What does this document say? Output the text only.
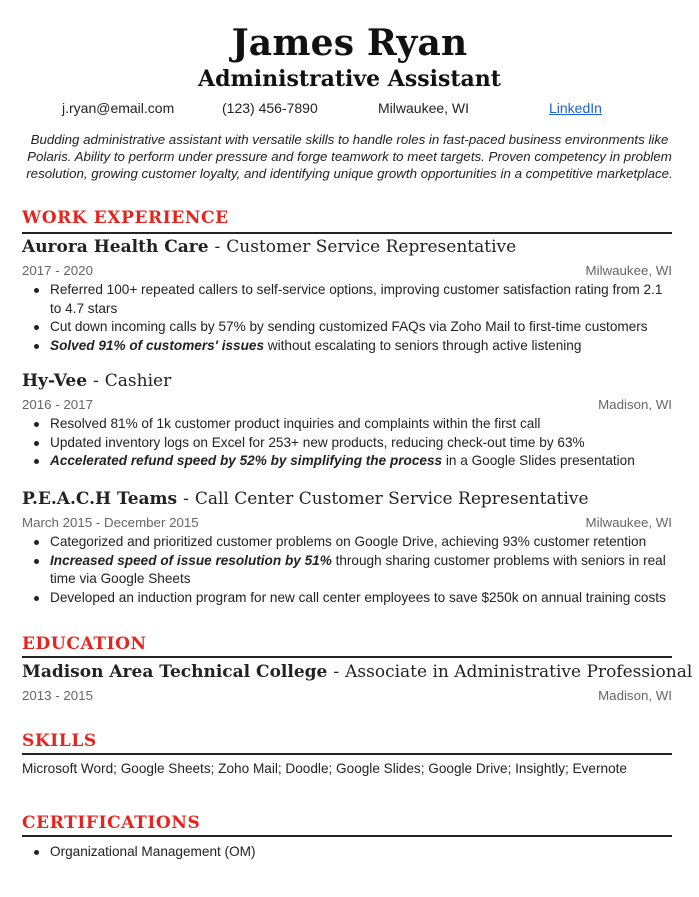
James Ryan
Administrative Assistant
j.ryan@email.com	(123) 456-7890	Milwaukee, WI	LinkedIn
Budding administrative assistant with versatile skills to handle roles in fast-paced business environments like Polaris. Ability to perform under pressure and forge teamwork to meet targets. Proven competency in problem resolution, growing customer loyalty, and identifying unique growth opportunities in a competitive marketplace.
WORK EXPERIENCE
Aurora Health Care - Customer Service Representative
2017 - 2020	Milwaukee, WI
Referred 100+ repeated callers to self-service options, improving customer satisfaction rating from 2.1 to 4.7 stars
Cut down incoming calls by 57% by sending customized FAQs via Zoho Mail to first-time customers
Solved 91% of customers' issues without escalating to seniors through active listening
Hy-Vee - Cashier
2016 - 2017	Madison, WI
Resolved 81% of 1k customer product inquiries and complaints within the first call
Updated inventory logs on Excel for 253+ new products, reducing check-out time by 63%
Accelerated refund speed by 52% by simplifying the process in a Google Slides presentation
P.E.A.C.H Teams - Call Center Customer Service Representative
March 2015 - December 2015	Milwaukee, WI
Categorized and prioritized customer problems on Google Drive, achieving 93% customer retention
Increased speed of issue resolution by 51% through sharing customer problems with seniors in real time via Google Sheets
Developed an induction program for new call center employees to save $250k on annual training costs
EDUCATION
Madison Area Technical College - Associate in Administrative Professional
2013 - 2015	Madison, WI
SKILLS
Microsoft Word; Google Sheets; Zoho Mail; Doodle; Google Slides; Google Drive; Insightly; Evernote
CERTIFICATIONS
Organizational Management (OM)
